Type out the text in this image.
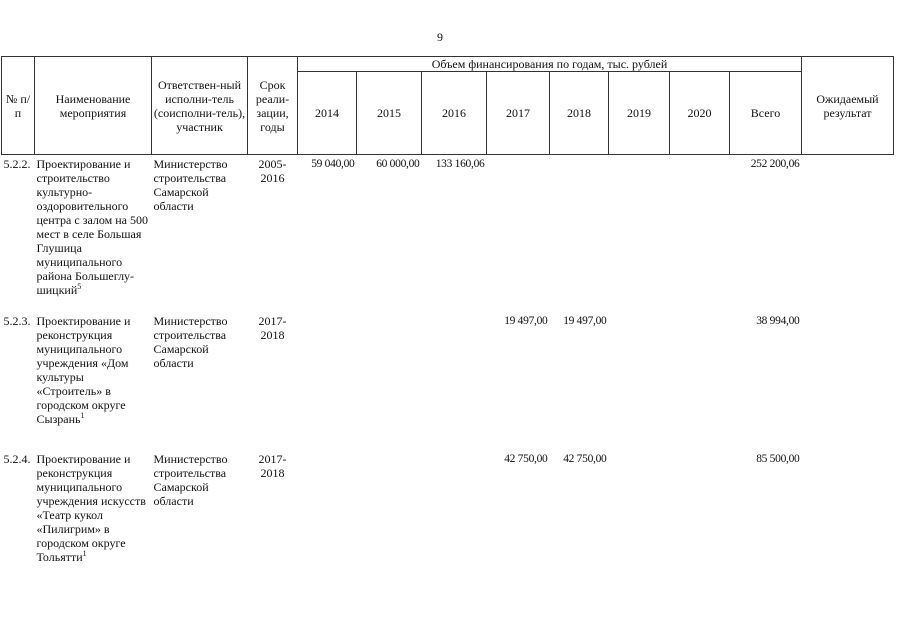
9
№ п/п	Наименование мероприятия	Ответствен-ный исполни-тель (соисполни-тель), участник	Срок реали-зации, годы	Объем финансирования по годам, тыс. рублей								Ожидаемый результат
				2014	2015	2016	2017	2018	2019	2020	Всего	
5.2.2.	Проектирование и строительство культурно-оздоровительного центра с залом на 500 мест в селе Большая Глушица муниципального района Большеглу-шицкий$^5$	Министерство строительства Самарской области	2005-2016	59 040,00	60 000,00	133 160,06					252 200,06	
5.2.3.	Проектирование и реконструкция муниципального учреждения «Дом культуры «Строитель» в городском округе Сызрань$^1$	Министерство строительства Самарской области	2017-2018				19 497,00	19 497,00			38 994,00	
5.2.4.	Проектирование и реконструкция муниципального учреждения искусств «Театр кукол «Пилигрим» в городском округе Тольятти$^1$	Министерство строительства Самарской области	2017-2018				42 750,00	42 750,00			85 500,00	
